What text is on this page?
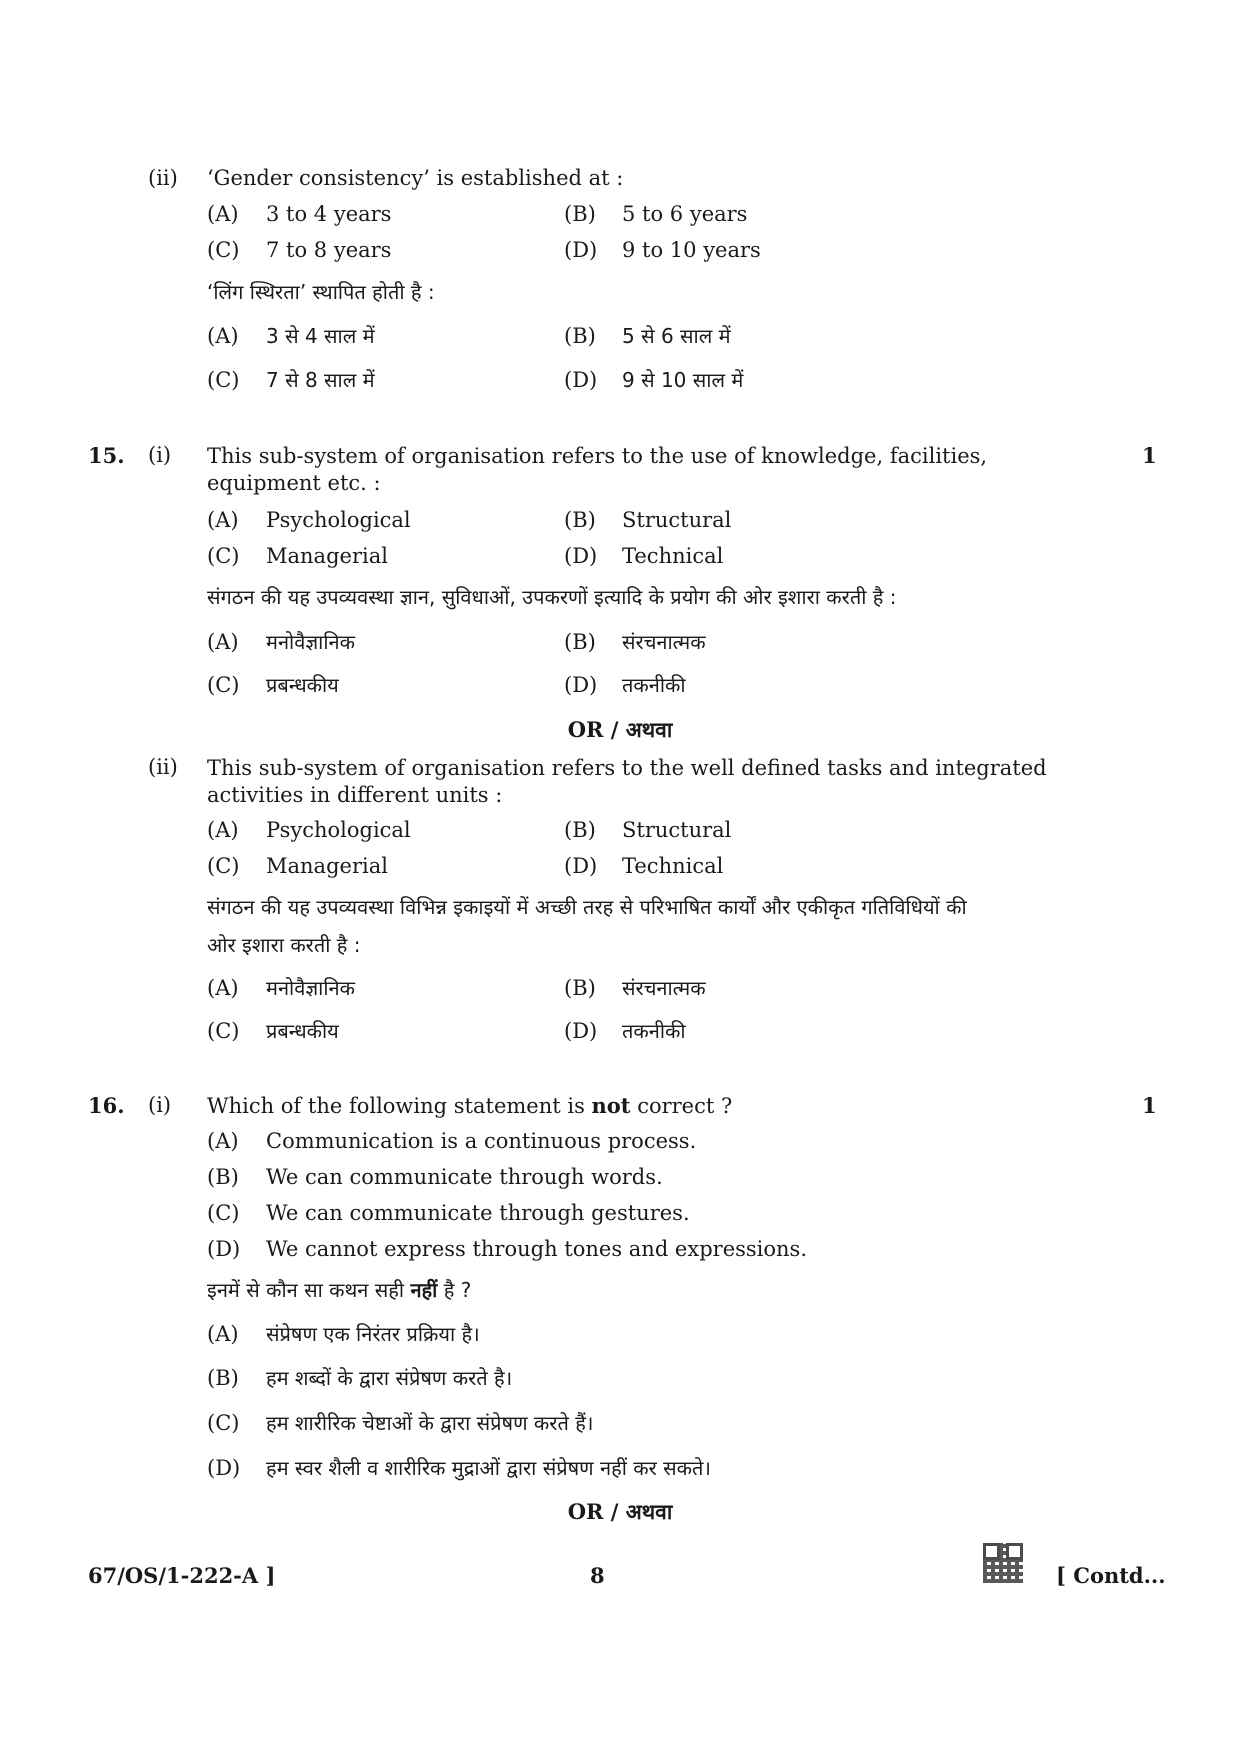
(ii) ‘Gender consistency’ is established at :
(A) 3 to 4 years	(B) 5 to 6 years
(C) 7 to 8 years	(D) 9 to 10 years
‘लिंग स्थिरता’ स्थापित होती है :
(A) 3 से 4 साल में	(B) 5 से 6 साल में
(C) 7 से 8 साल में	(D) 9 से 10 साल में
15. (i) This sub-system of organisation refers to the use of knowledge, facilities, equipment etc. :
1
(A) Psychological	(B) Structural
(C) Managerial	(D) Technical
संगठन की यह उपव्यवस्था ज्ञान, सुविधाओं, उपकरणों इत्यादि के प्रयोग की ओर इशारा करती है :
(A) मनोवैज्ञानिक	(B) संरचनात्मक
(C) प्रबन्धकीय	(D) तकनीकी
OR / अथवा
(ii) This sub-system of organisation refers to the well defined tasks and integrated activities in different units :
(A) Psychological	(B) Structural
(C) Managerial	(D) Technical
संगठन की यह उपव्यवस्था विभिन्न इकाइयों में अच्छी तरह से परिभाषित कार्यों और एकीकृत गतिविधियों की
ओर इशारा करती है :
(A) मनोवैज्ञानिक	(B) संरचनात्मक
(C) प्रबन्धकीय	(D) तकनीकी
16. (i) Which of the following statement is not correct ?	1
(A) Communication is a continuous process.
(B) We can communicate through words.
(C) We can communicate through gestures.
(D) We cannot express through tones and expressions.
इनमें से कौन सा कथन सही नहीं है ?
(A) संप्रेषण एक निरंतर प्रक्रिया है।
(B) हम शब्दों के द्वारा संप्रेषण करते है।
(C) हम शारीरिक चेष्टाओं के द्वारा संप्रेषण करते हैं।
(D) हम स्वर शैली व शारीरिक मुद्राओं द्वारा संप्रेषण नहीं कर सकते।
OR / अथवा
67/OS/1-222-A ]	8	[ Contd...
